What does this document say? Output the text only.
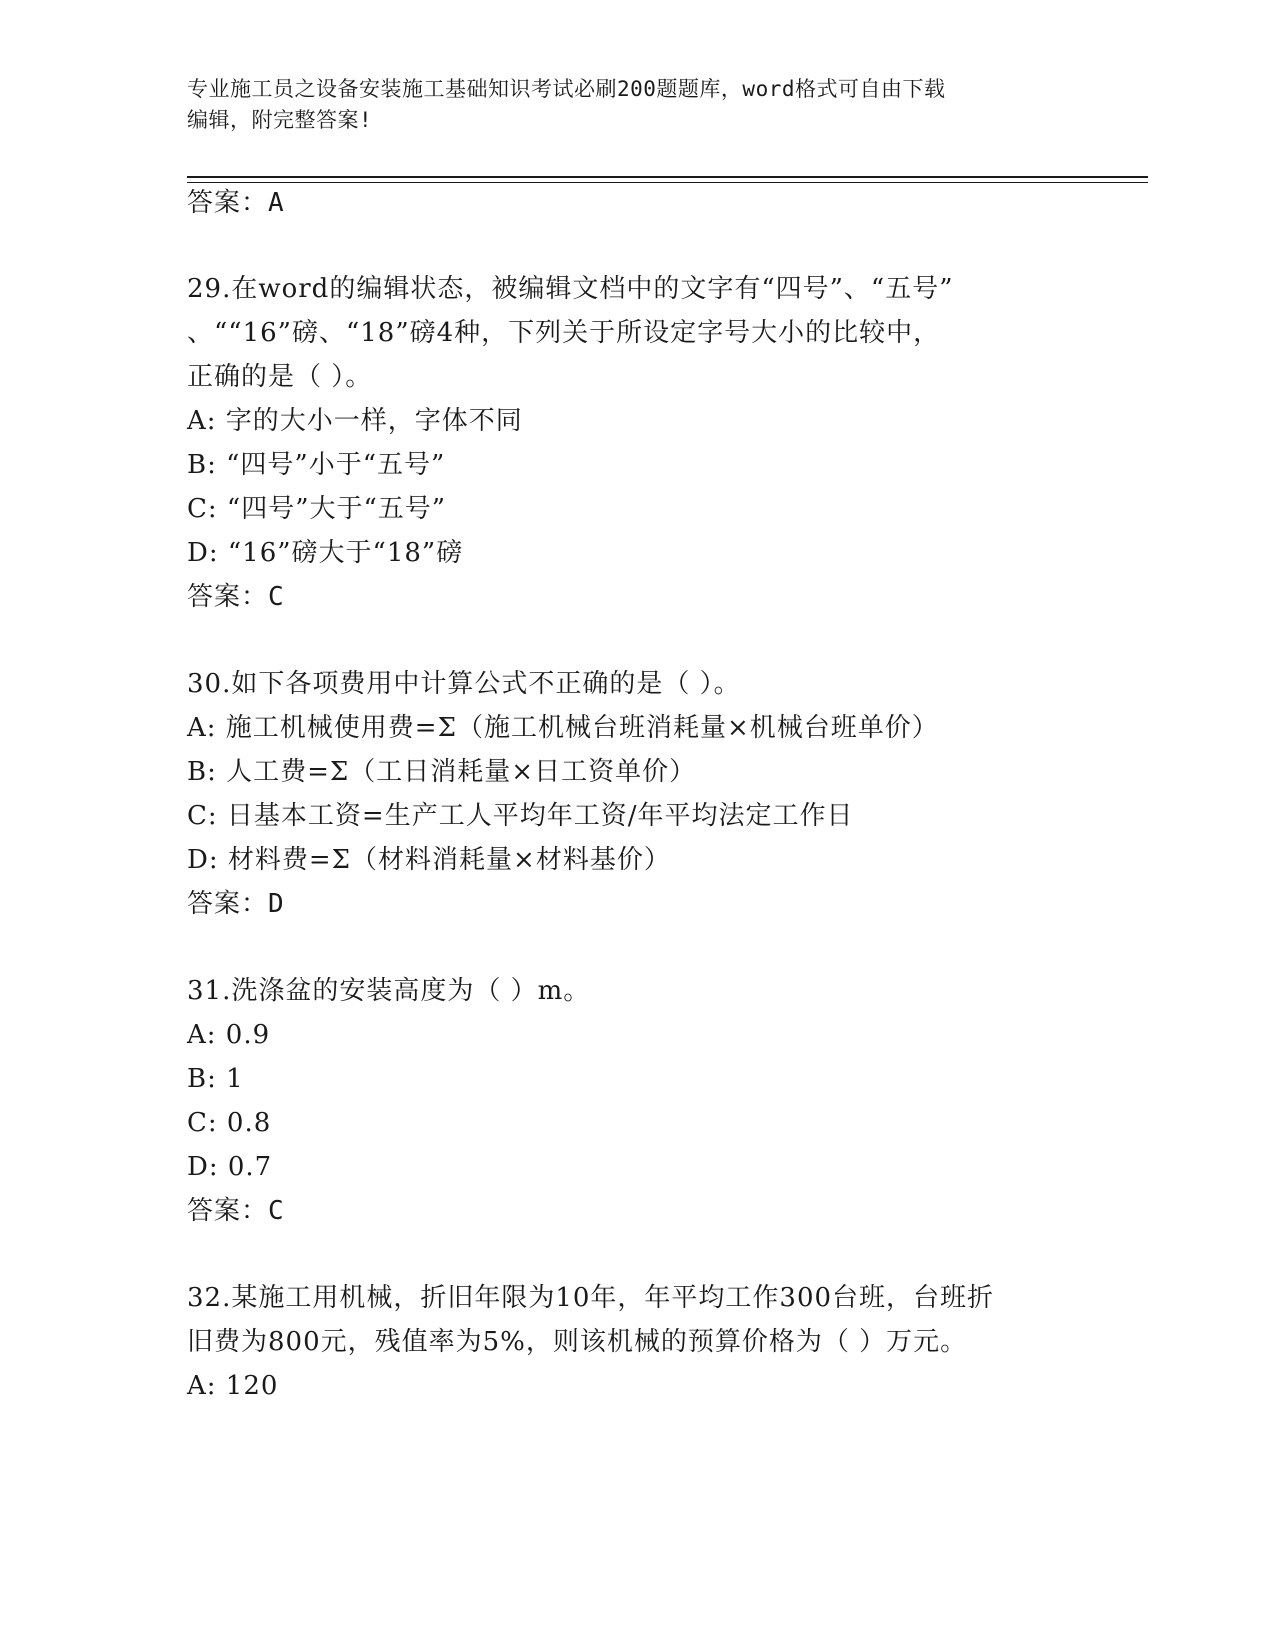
专业施工员之设备安装施工基础知识考试必刷200题题库，word格式可自由下载
编辑，附完整答案!
答案：A
29.在word的编辑状态，被编辑文档中的文字有“四号”、“五号”
、““16”磅、“18”磅4种，下列关于所设定字号大小的比较中，
正确的是（ ）。
A: 字的大小一样，字体不同
B: “四号”小于“五号”
C: “四号”大于“五号”
D: “16”磅大于“18”磅
答案：C
30.如下各项费用中计算公式不正确的是（ ）。
A: 施工机械使用费=Σ（施工机械台班消耗量×机械台班单价）
B: 人工费=Σ（工日消耗量×日工资单价）
C: 日基本工资=生产工人平均年工资/年平均法定工作日
D: 材料费=Σ（材料消耗量×材料基价）
答案：D
31.洗涤盆的安装高度为（ ）m。
A: 0.9
B: 1
C: 0.8
D: 0.7
答案：C
32.某施工用机械，折旧年限为10年，年平均工作300台班，台班折
旧费为800元，残值率为5%，则该机械的预算价格为（ ）万元。
A: 120
